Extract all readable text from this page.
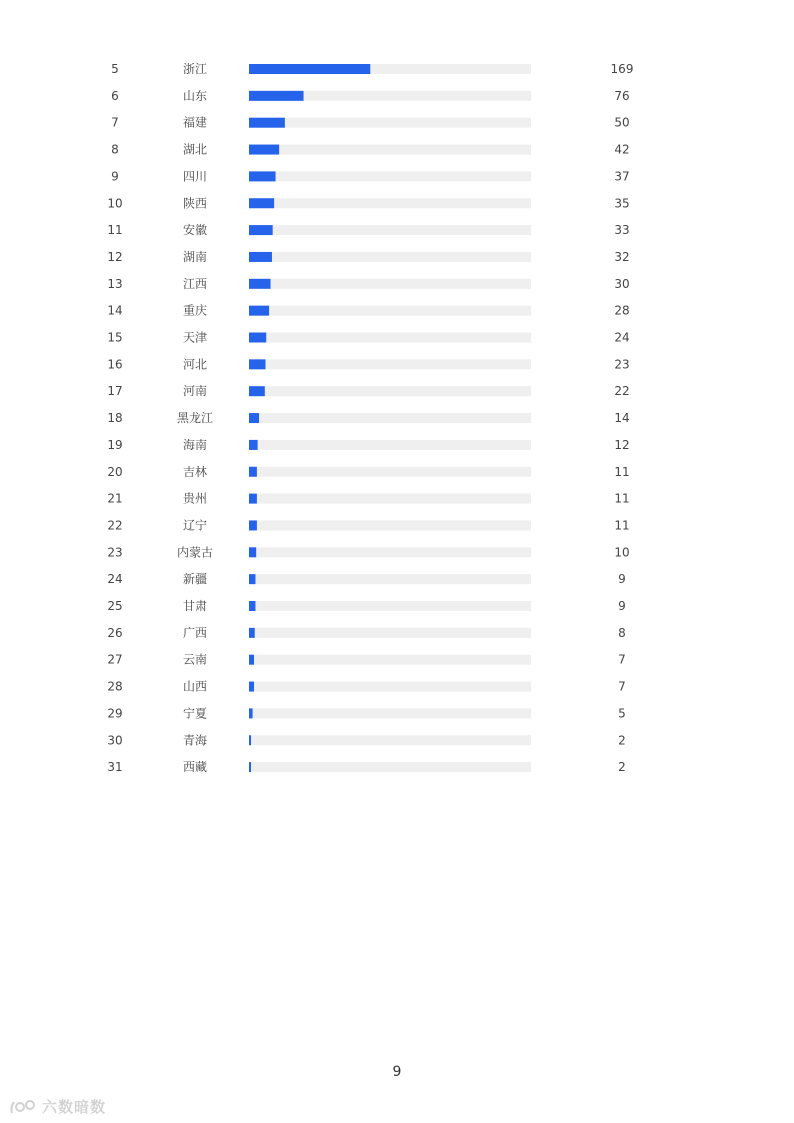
5	浙江	169
6	山东	76
7	福建	50
8	湖北	42
9	四川	37
10	陕西	35
11	安徽	33
12	湖南	32
13	江西	30
14	重庆	28
15	天津	24
16	河北	23
17	河南	22
18	黑龙江	14
19	海南	12
20	吉林	11
21	贵州	11
22	辽宁	11
23	内蒙古	10
24	新疆	9
25	甘肃	9
26	广西	8
27	云南	7
28	山西	7
29	宁夏	5
30	青海	2
31	西藏	2
9
六数暗数
